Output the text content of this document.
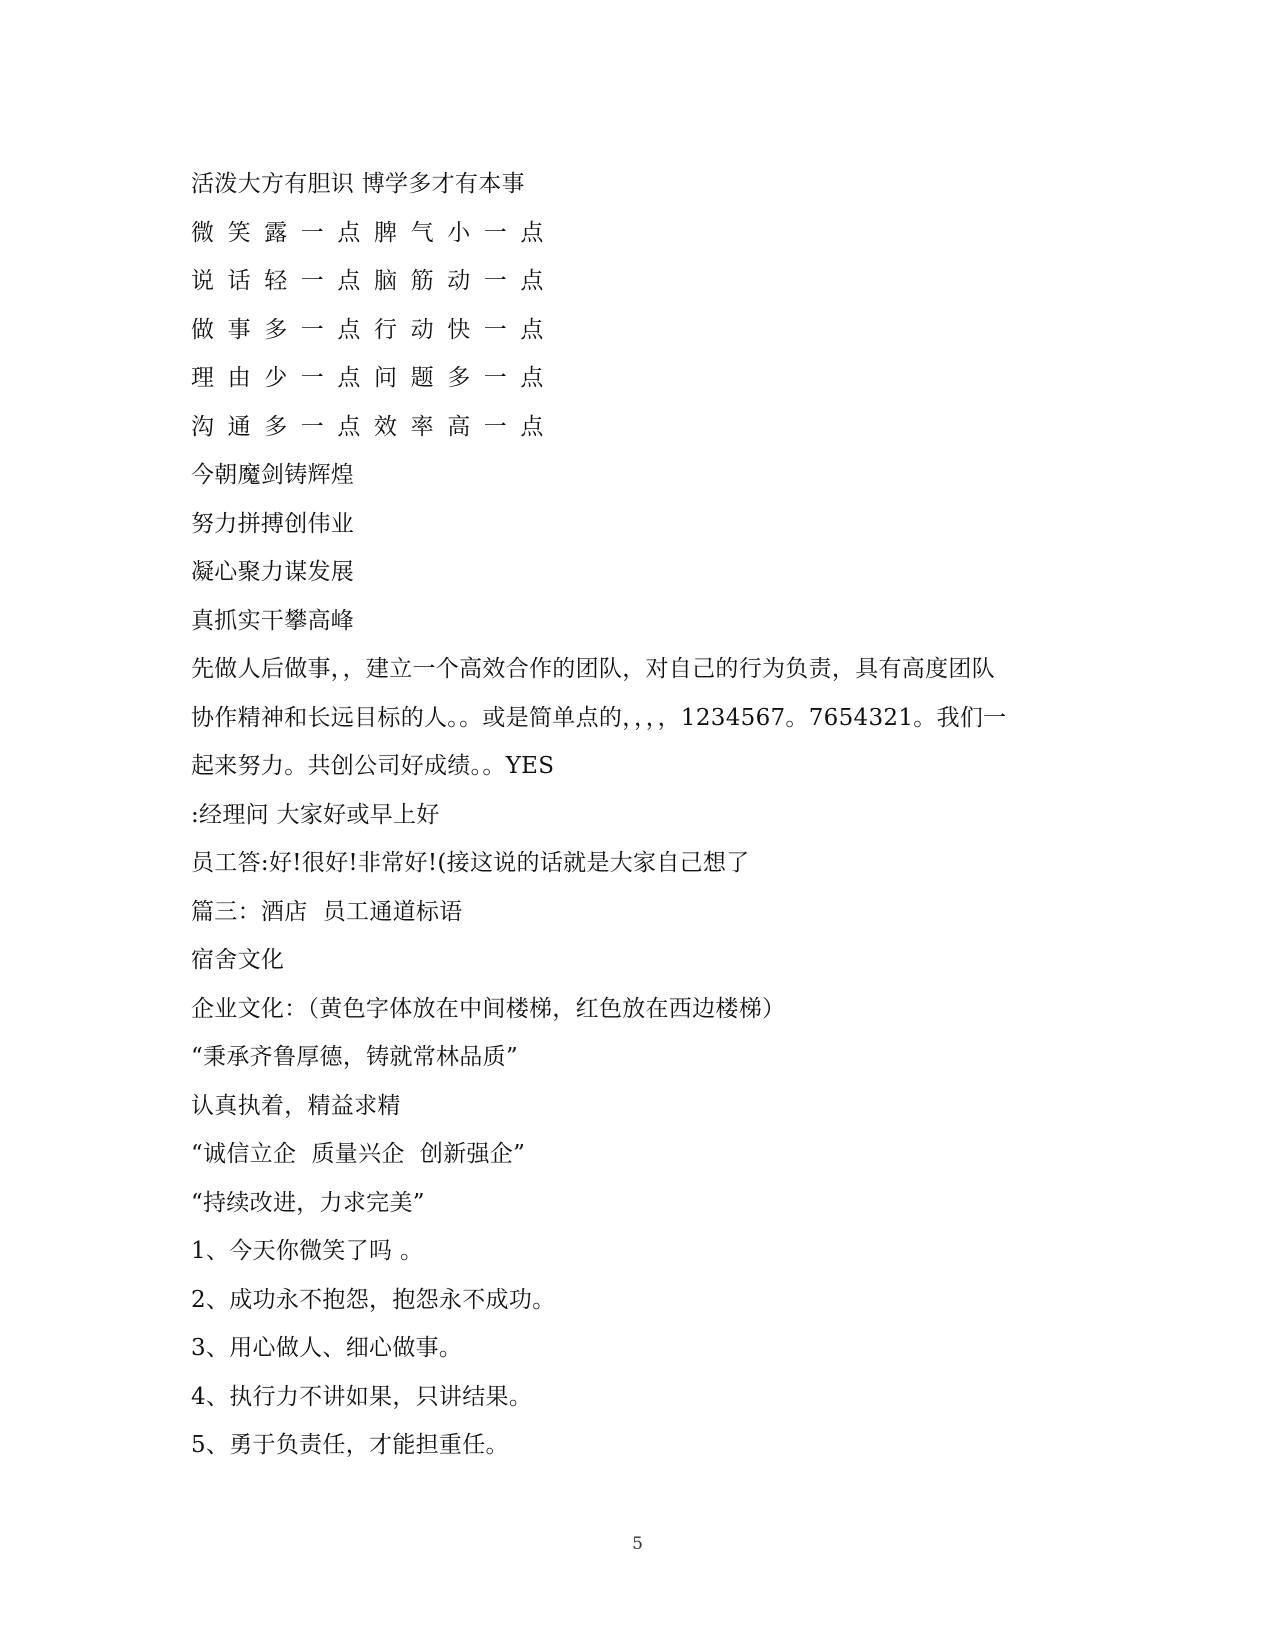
活泼大方有胆识 博学多才有本事
微笑露一点脾气小一点
说话轻一点脑筋动一点
做事多一点行动快一点
理由少一点问题多一点
沟通多一点效率高一点
今朝魔剑铸辉煌
努力拼搏创伟业
凝心聚力谋发展
真抓实干攀高峰
先做人后做事，，建立一个高效合作的团队，对自己的行为负责，具有高度团队
协作精神和长远目标的人。。或是简单点的，，，，1234567。7654321。我们一
起来努力。共创公司好成绩。。YES
:经理问 大家好或早上好
员工答:好!很好!非常好!(接这说的话就是大家自己想了
篇三：酒店  员工通道标语
宿舍文化
企业文化：（黄色字体放在中间楼梯，红色放在西边楼梯）
“秉承齐鲁厚德，铸就常林品质”
认真执着，精益求精
“诚信立企  质量兴企  创新强企”
“持续改进，力求完美”
1、今天你微笑了吗 。
2、成功永不抱怨，抱怨永不成功。
3、用心做人、细心做事。
4、执行力不讲如果，只讲结果。
5、勇于负责任，才能担重任。
5
